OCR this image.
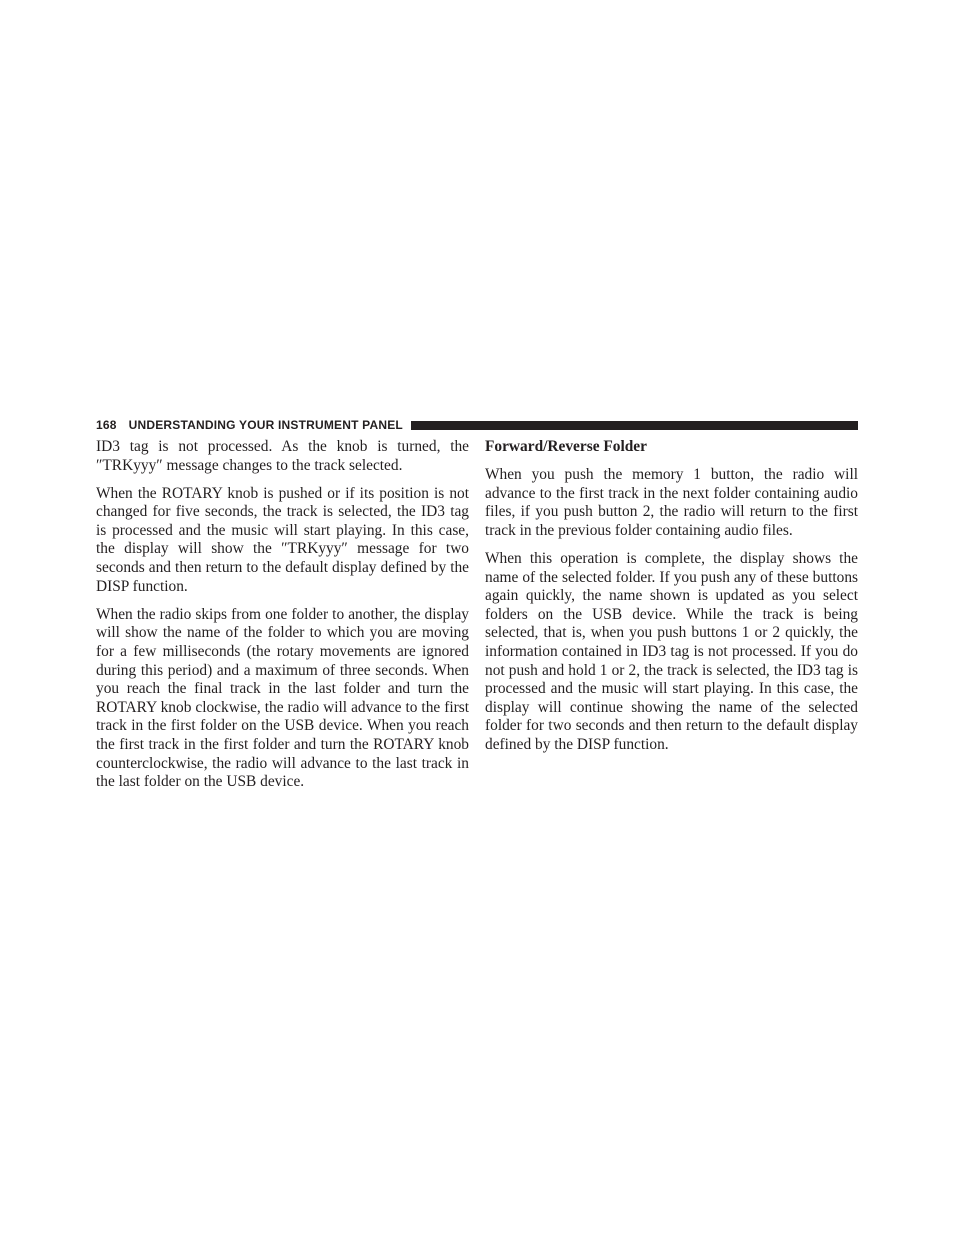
168 UNDERSTANDING YOUR INSTRUMENT PANEL

ID3 tag is not processed. As the knob is turned, the ″TRKyyy″ message changes to the track selected.

When the ROTARY knob is pushed or if its position is not changed for five seconds, the track is selected, the ID3 tag is processed and the music will start playing. In this case, the display will show the ″TRKyyy″ message for two seconds and then return to the default display defined by the DISP function.

When the radio skips from one folder to another, the display will show the name of the folder to which you are moving for a few milliseconds (the rotary movements are ignored during this period) and a maximum of three seconds. When you reach the final track in the last folder and turn the ROTARY knob clockwise, the radio will advance to the first track in the first folder on the USB device. When you reach the first track in the first folder and turn the ROTARY knob counterclockwise, the radio will advance to the last track in the last folder on the USB device.

Forward/Reverse Folder

When you push the memory 1 button, the radio will advance to the first track in the next folder containing audio files, if you push button 2, the radio will return to the first track in the previous folder containing audio files.

When this operation is complete, the display shows the name of the selected folder. If you push any of these buttons again quickly, the name shown is updated as you select folders on the USB device. While the track is being selected, that is, when you push buttons 1 or 2 quickly, the information contained in ID3 tag is not processed. If you do not push and hold 1 or 2, the track is selected, the ID3 tag is processed and the music will start playing. In this case, the display will continue showing the name of the selected folder for two seconds and then return to the default display defined by the DISP function.
